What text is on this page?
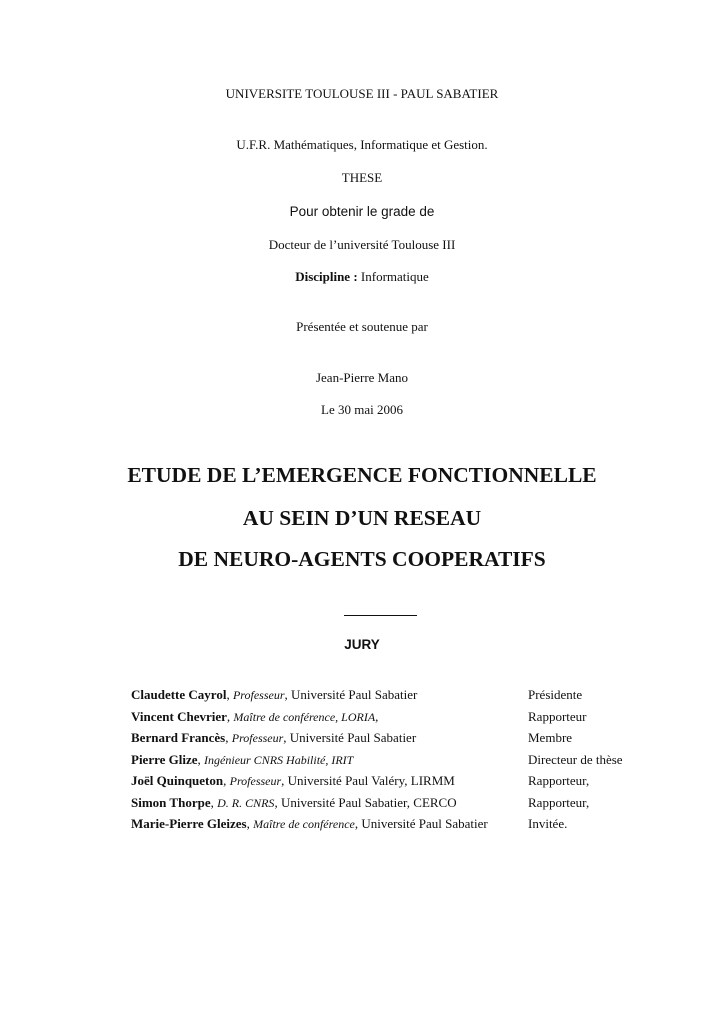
UNIVERSITE TOULOUSE III - PAUL SABATIER
U.F.R. Mathématiques, Informatique et Gestion.
THESE
Pour obtenir le grade de
Docteur de l’université Toulouse III
Discipline : Informatique
Présentée et soutenue par
Jean-Pierre Mano
Le 30 mai 2006
ETUDE DE L’EMERGENCE FONCTIONNELLE
AU SEIN D’UN RESEAU
DE NEURO-AGENTS COOPERATIFS
JURY
Claudette Cayrol, Professeur, Université Paul Sabatier	Présidente
Vincent Chevrier, Maître de conférence, LORIA,	Rapporteur
Bernard Francès, Professeur, Université Paul Sabatier	Membre
Pierre Glize, Ingénieur CNRS Habilité, IRIT	Directeur de thèse
Joël Quinqueton, Professeur, Université Paul Valéry, LIRMM	Rapporteur,
Simon Thorpe, D. R. CNRS, Université Paul Sabatier, CERCO	Rapporteur,
Marie-Pierre Gleizes, Maître de conférence, Université Paul Sabatier	Invitée.
